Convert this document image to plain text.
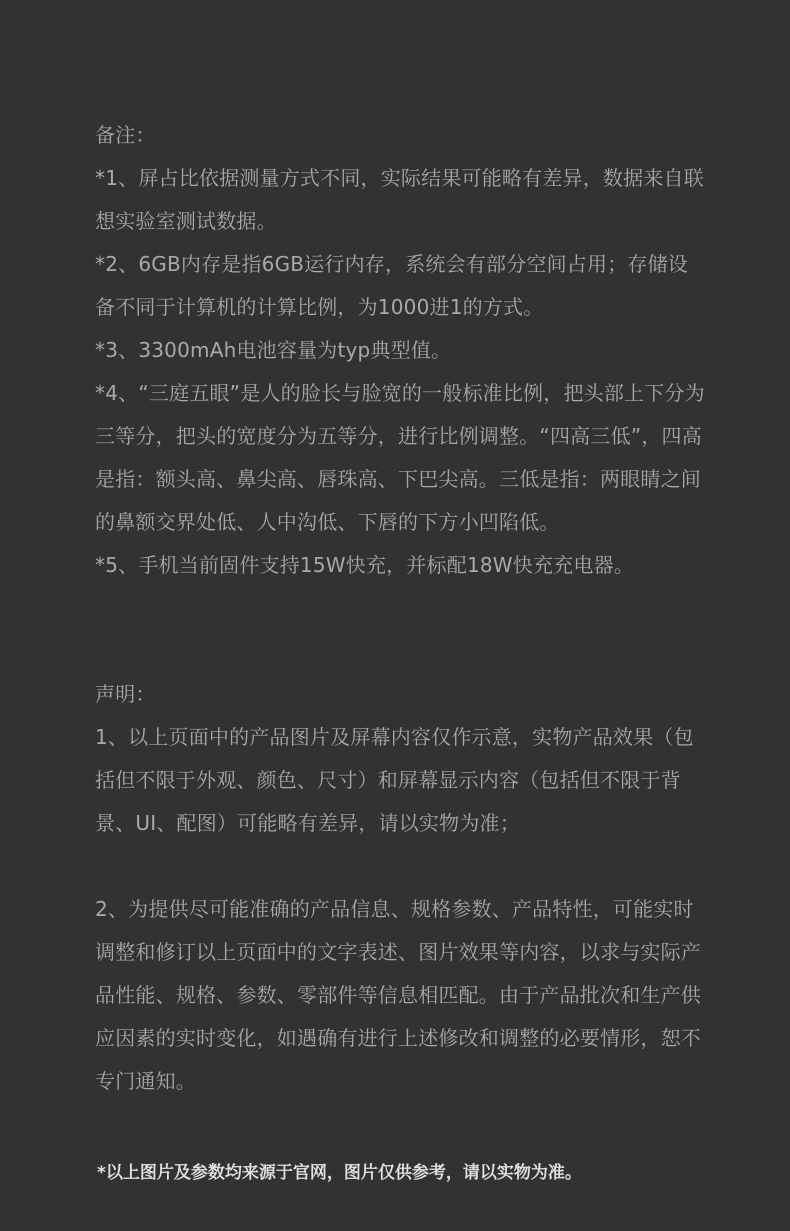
备注：

*1、屏占比依据测量方式不同，实际结果可能略有差异，数据来自联想实验室测试数据。

*2、6GB内存是指6GB运行内存，系统会有部分空间占用；存储设备不同于计算机的计算比例，为1000进1的方式。

*3、3300mAh电池容量为typ典型值。

*4、“三庭五眼”是人的脸长与脸宽的一般标准比例，把头部上下分为三等分，把头的宽度分为五等分，进行比例调整。“四高三低”，四高是指：额头高、鼻尖高、唇珠高、下巴尖高。三低是指：两眼睛之间的鼻额交界处低、人中沟低、下唇的下方小凹陷低。

*5、手机当前固件支持15W快充，并标配18W快充充电器。

声明：

1、以上页面中的产品图片及屏幕内容仅作示意，实物产品效果（包括但不限于外观、颜色、尺寸）和屏幕显示内容（包括但不限于背景、UI、配图）可能略有差异，请以实物为准；

2、为提供尽可能准确的产品信息、规格参数、产品特性，可能实时调整和修订以上页面中的文字表述、图片效果等内容，以求与实际产品性能、规格、参数、零部件等信息相匹配。由于产品批次和生产供应因素的实时变化，如遇确有进行上述修改和调整的必要情形，恕不专门通知。

*以上图片及参数均来源于官网，图片仅供参考，请以实物为准。
